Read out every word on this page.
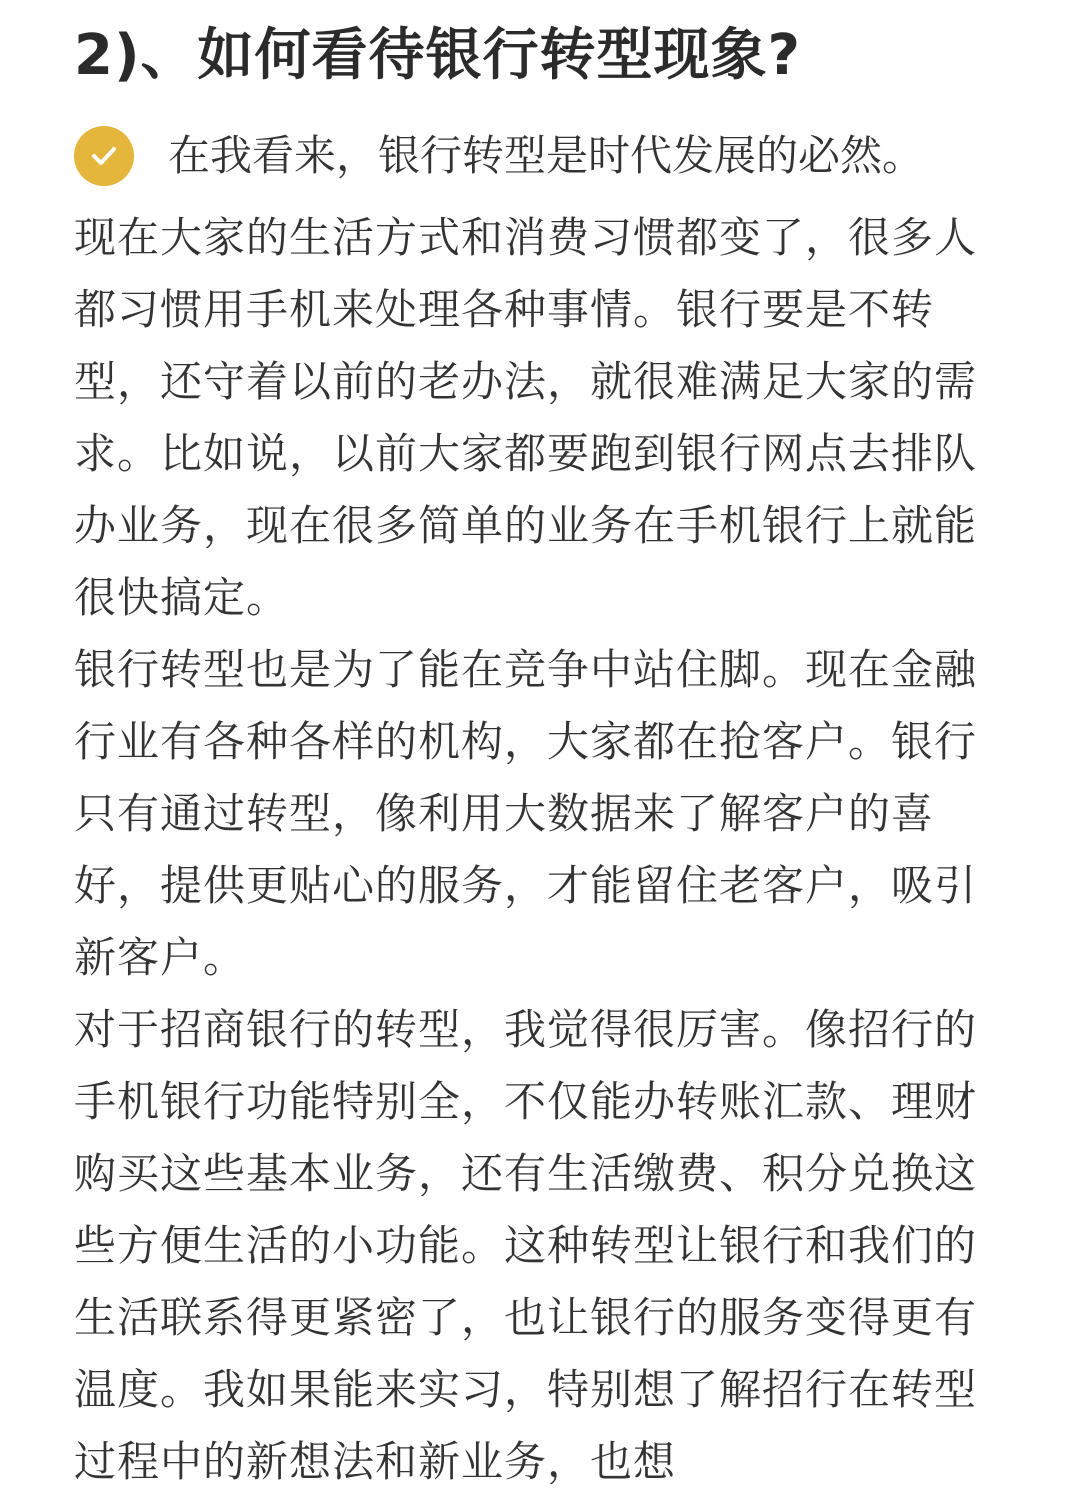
2)、如何看待银行转型现象?
在我看来，银行转型是时代发展的必然。

现在大家的生活方式和消费习惯都变了，很多人都习惯用手机来处理各种事情。银行要是不转型，还守着以前的老办法，就很难满足大家的需求。比如说，以前大家都要跑到银行网点去排队办业务，现在很多简单的业务在手机银行上就能很快搞定。

银行转型也是为了能在竞争中站住脚。现在金融行业有各种各样的机构，大家都在抢客户。银行只有通过转型，像利用大数据来了解客户的喜好，提供更贴心的服务，才能留住老客户，吸引新客户。

对于招商银行的转型，我觉得很厉害。像招行的手机银行功能特别全，不仅能办转账汇款、理财购买这些基本业务，还有生活缴费、积分兑换这些方便生活的小功能。这种转型让银行和我们的生活联系得更紧密了，也让银行的服务变得更有温度。我如果能来实习，特别想了解招行在转型过程中的新想法和新业务，也想
